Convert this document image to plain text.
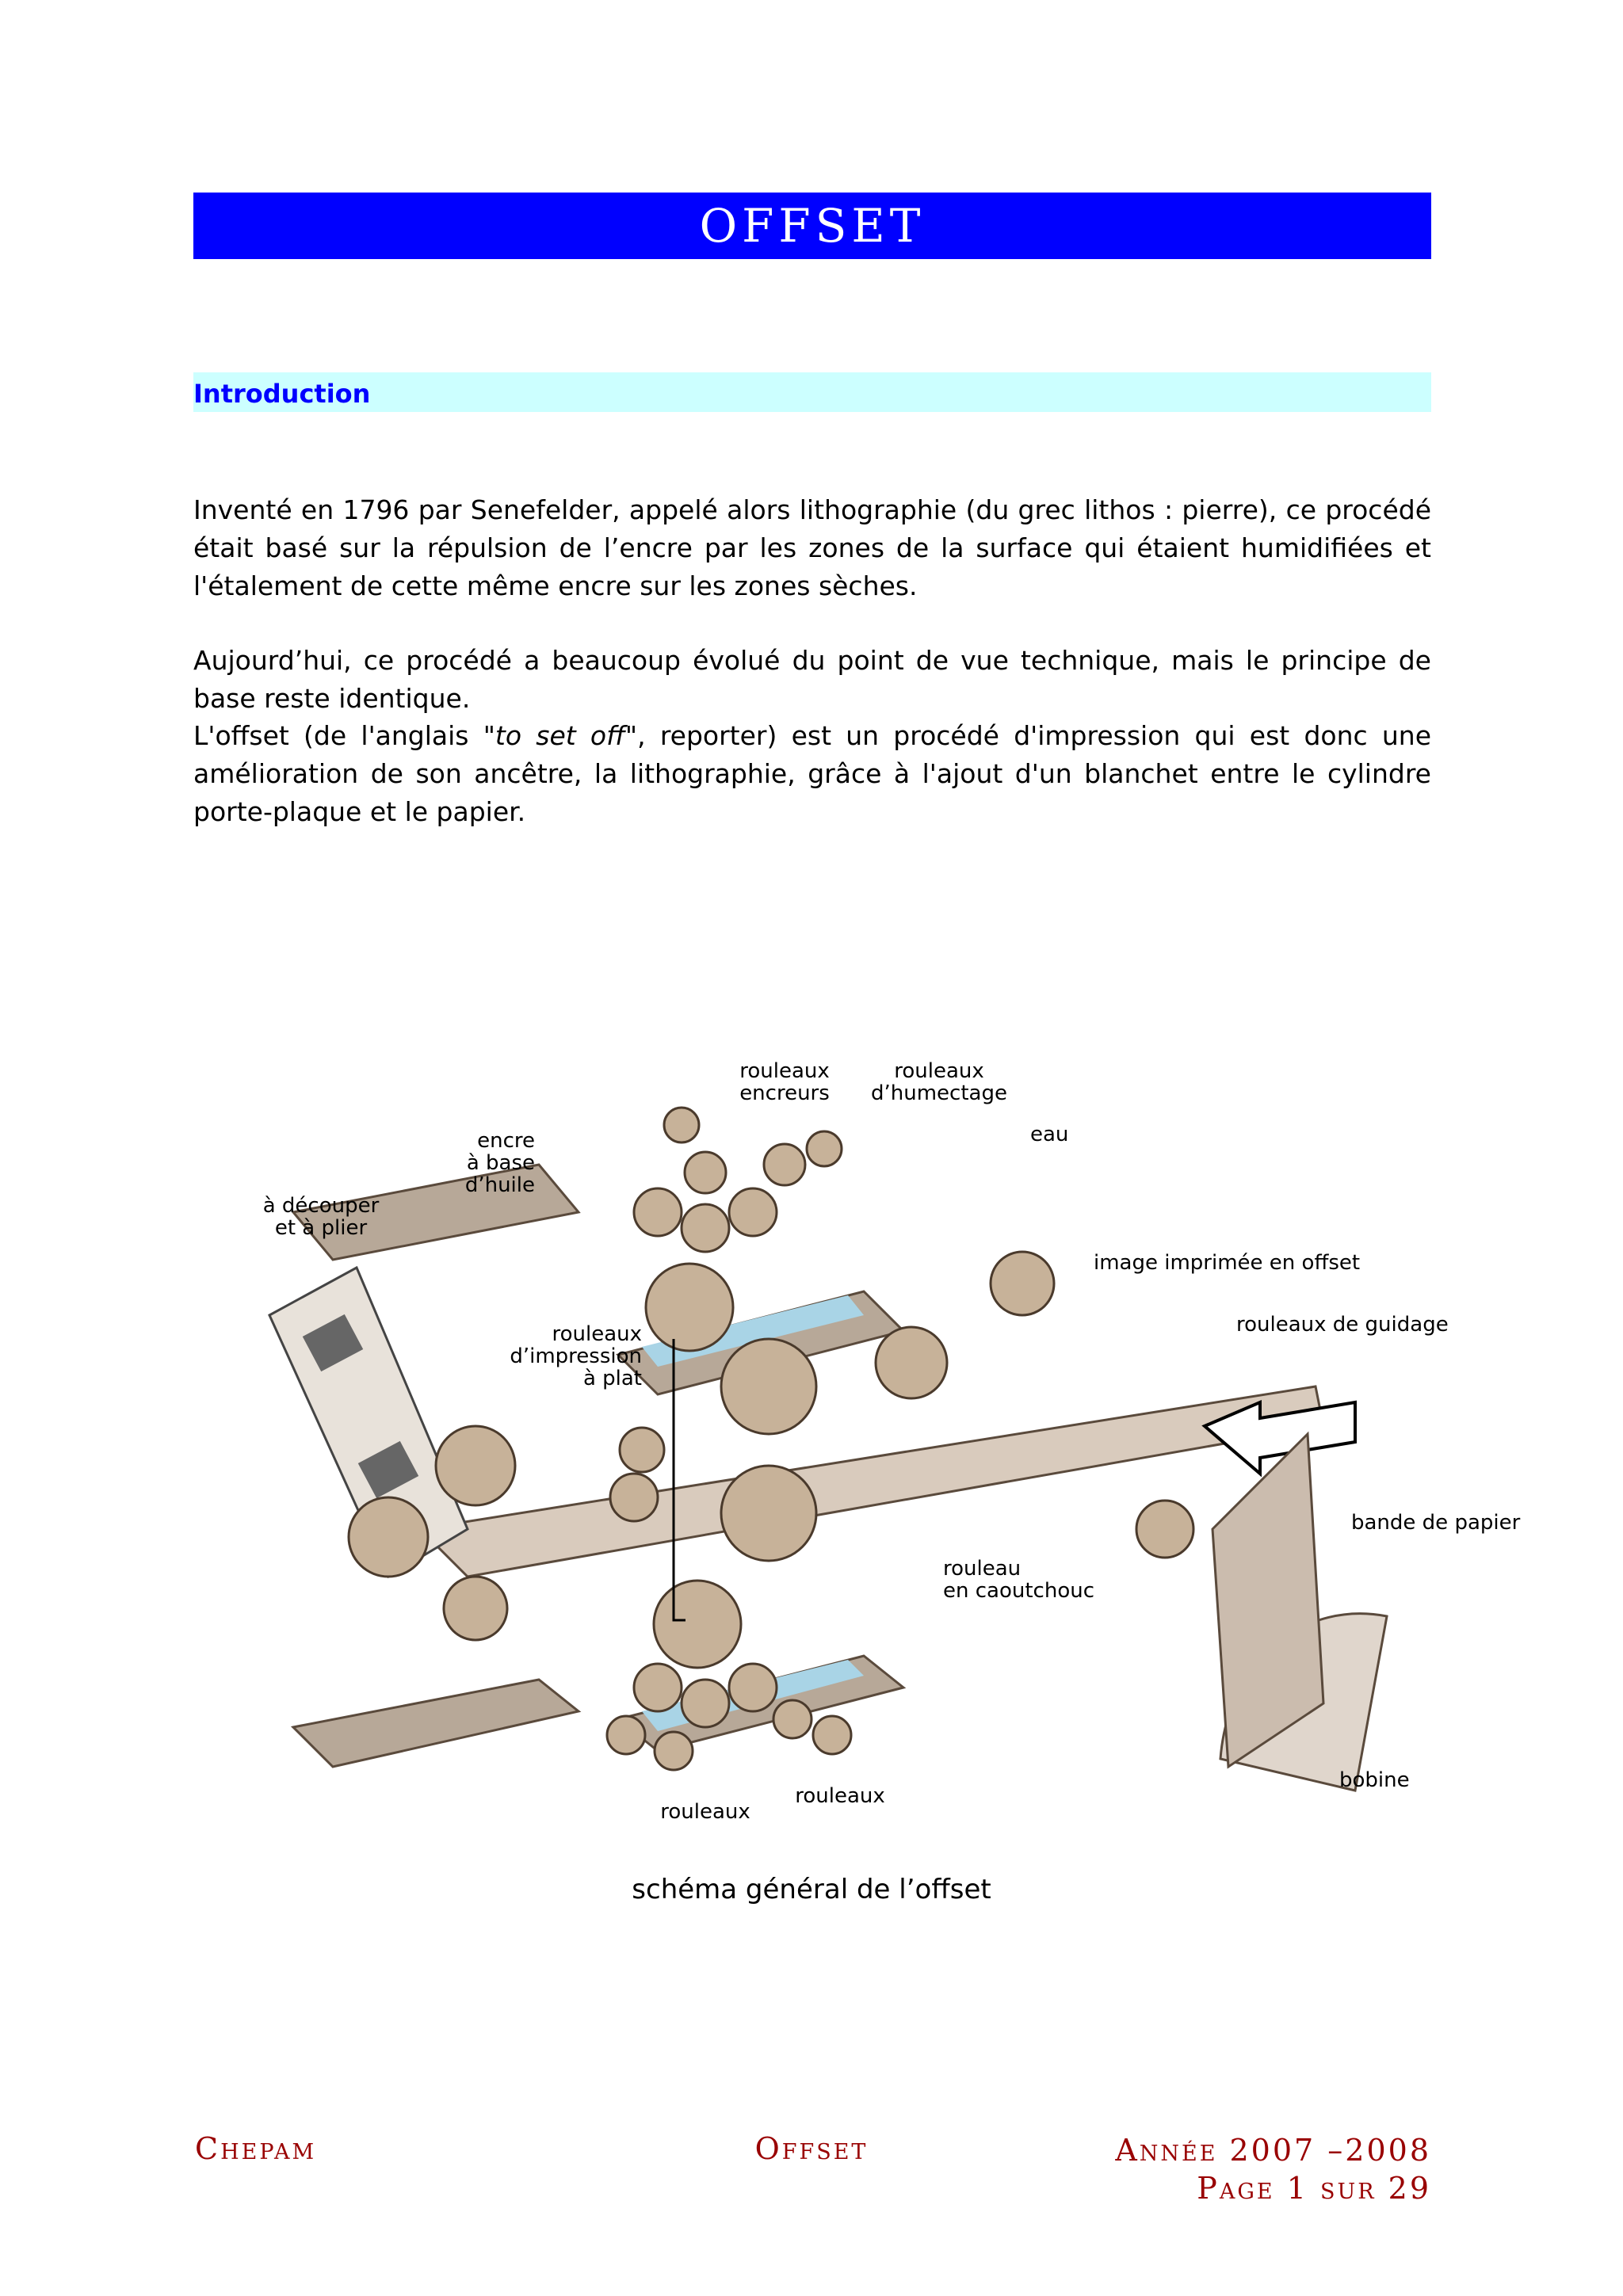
OFFSET
Introduction
Inventé en 1796 par Senefelder, appelé alors lithographie (du grec lithos : pierre), ce procédé était basé sur la répulsion de l’encre par les zones de la surface qui étaient humidifiées et l'étalement de cette même encre sur les zones sèches.
Aujourd’hui, ce procédé a beaucoup évolué du point de vue technique, mais le principe de base reste identique.
L'offset (de l'anglais "to set off", reporter) est un procédé d'impression qui est donc une amélioration de son ancêtre, la lithographie, grâce à l'ajout d'un blanchet entre le cylindre porte-plaque et le papier.
rouleaux
encreurs
rouleaux
d’humectage
encre
à base
d’huile
eau
à découper
et à plier
image imprimée en offset
rouleaux de guidage
rouleaux
d’impression
à plat
bande de papier
rouleau
en caoutchouc
bobine
rouleaux
rouleaux
schéma général de l’offset
Chepam	Offset	Année 2007 –2008
Page 1 sur 29
